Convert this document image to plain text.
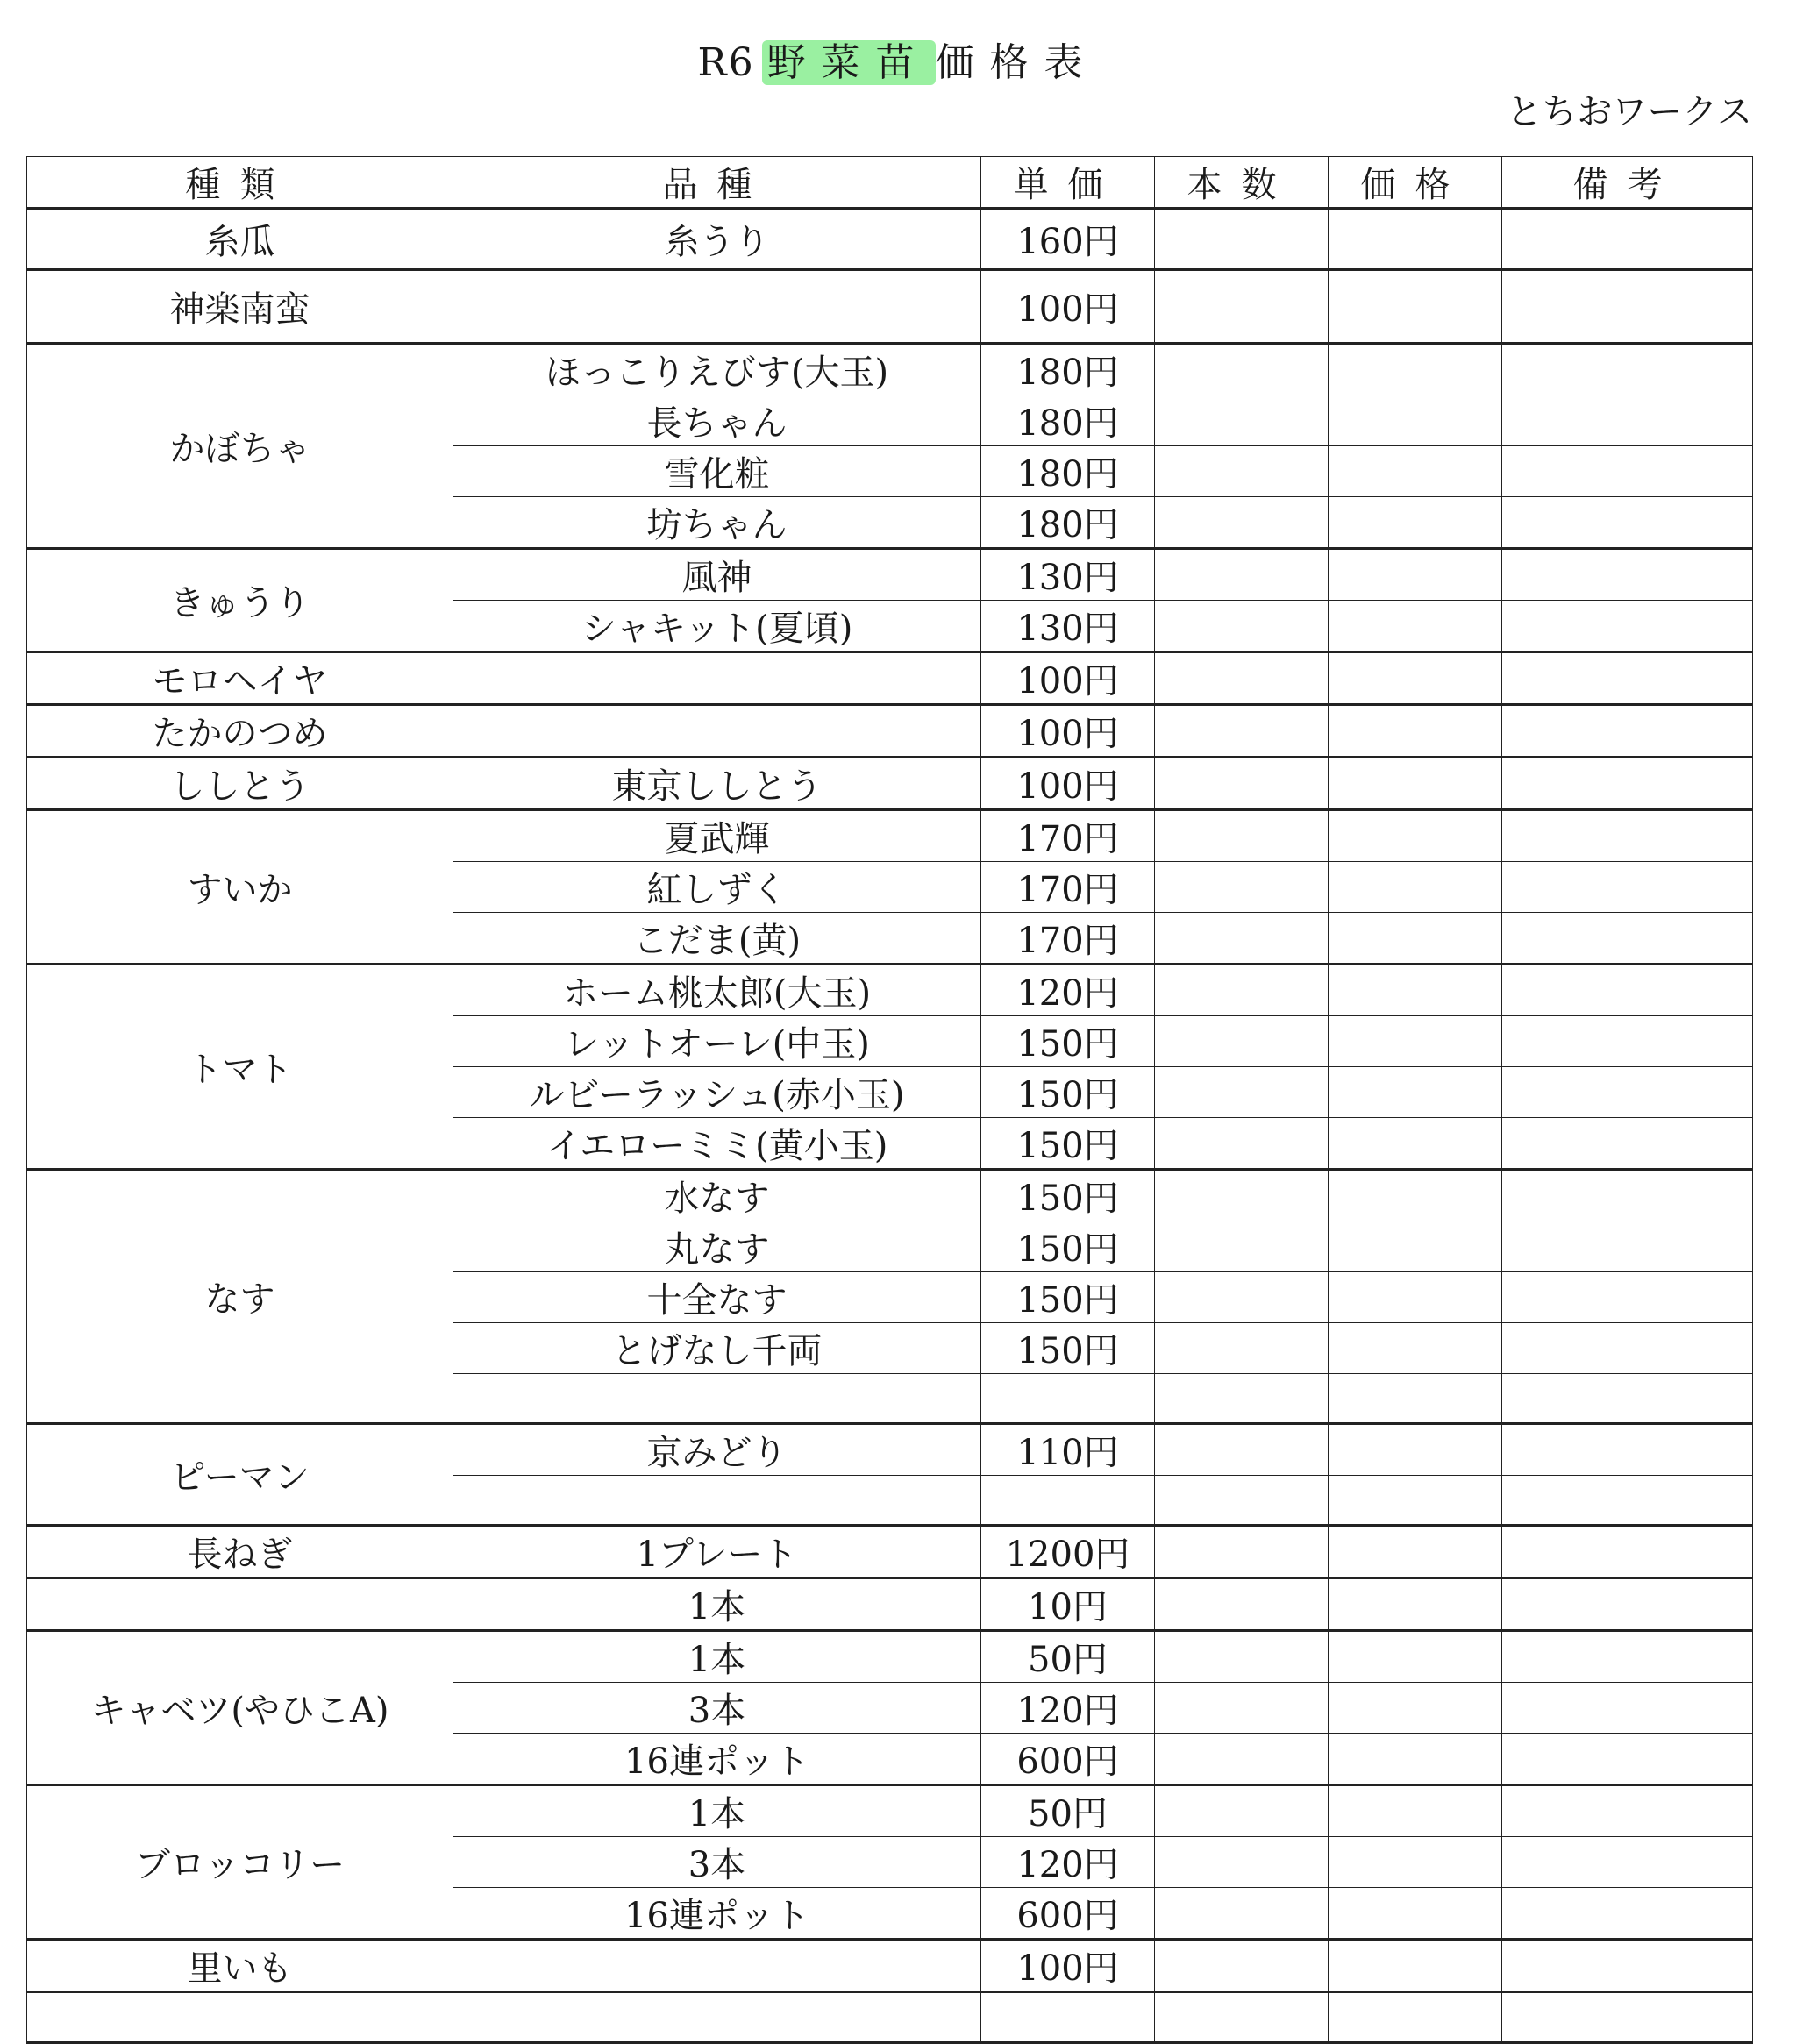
R6 野菜苗 価格表
とちおワークス
種類	品種	単価	本数	価格	備考
糸瓜	糸うり	160円			
神楽南蛮		100円			
かぼちゃ	ほっこりえびす(大玉)	180円			
	長ちゃん	180円			
	雪化粧	180円			
	坊ちゃん	180円			
きゅうり	風神	130円			
	シャキット(夏頃)	130円			
モロヘイヤ		100円			
たかのつめ		100円			
ししとう	東京ししとう	100円			
すいか	夏武輝	170円			
	紅しずく	170円			
	こだま(黄)	170円			
トマト	ホーム桃太郎(大玉)	120円			
	レットオーレ(中玉)	150円			
	ルビーラッシュ(赤小玉)	150円			
	イエローミミ(黄小玉)	150円			
なす	水なす	150円			
	丸なす	150円			
	十全なす	150円			
	とげなし千両	150円			

ピーマン	京みどり	110円			

長ねぎ	1プレート	1200円			
	1本	10円			
キャベツ(やひこA)	1本	50円			
	3本	120円			
	16連ポット	600円			
ブロッコリー	1本	50円			
	3本	120円			
	16連ポット	600円			
里いも		100円			
